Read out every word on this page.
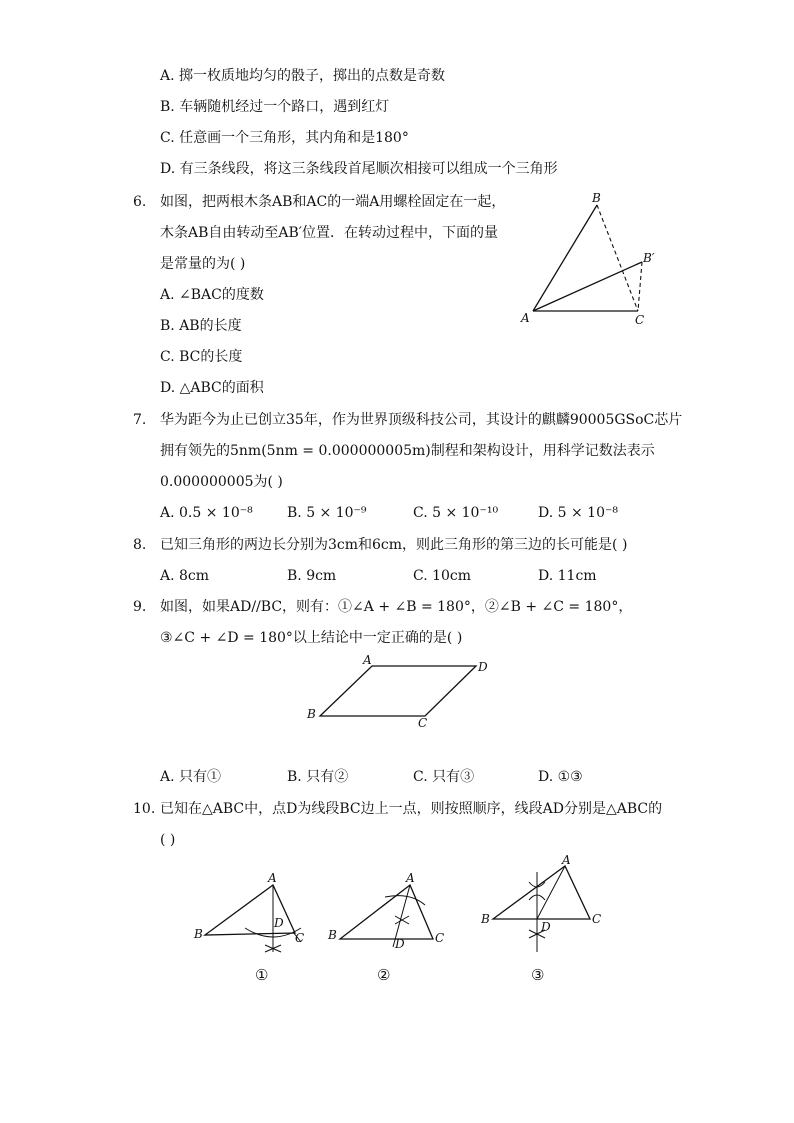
A. 掷一枚质地均匀的骰子，掷出的点数是奇数
B. 车辆随机经过一个路口，遇到红灯
C. 任意画一个三角形，其内角和是180°
D. 有三条线段，将这三条线段首尾顺次相接可以组成一个三角形
6. 如图，把两根木条AB和AC的一端A用螺栓固定在一起，
木条AB自由转动至AB′位置．在转动过程中，下面的量
是常量的为( )
A. ∠BAC的度数
B. AB的长度
C. BC的长度
D. △ABC的面积
A
B
B′
C
7. 华为距今为止已创立35年，作为世界顶级科技公司，其设计的麒麟90005GSoC芯片
拥有领先的5nm(5nm = 0.000000005m)制程和架构设计，用科学记数法表示
0.000000005为( )
A. 0.5 × 10⁻⁸ B. 5 × 10⁻⁹	C. 5 × 10⁻¹⁰	D. 5 × 10⁻⁸
8. 已知三角形的两边长分别为3cm和6cm，则此三角形的第三边的长可能是( )
A. 8cm	B. 9cm	C. 10cm	D. 11cm
9. 如图，如果AD//BC，则有：①∠A + ∠B = 180°，②∠B + ∠C = 180°，
③∠C + ∠D = 180°以上结论中一定正确的是( )
A	D
B
C
A. 只有①	B. 只有②	C. 只有③	D. ①③
10. 已知在△ABC中，点D为线段BC边上一点，则按照顺序，线段AD分别是△ABC的
( )
A
B	C
D
①
A
B	C
D
②
A
B	C
D
③
